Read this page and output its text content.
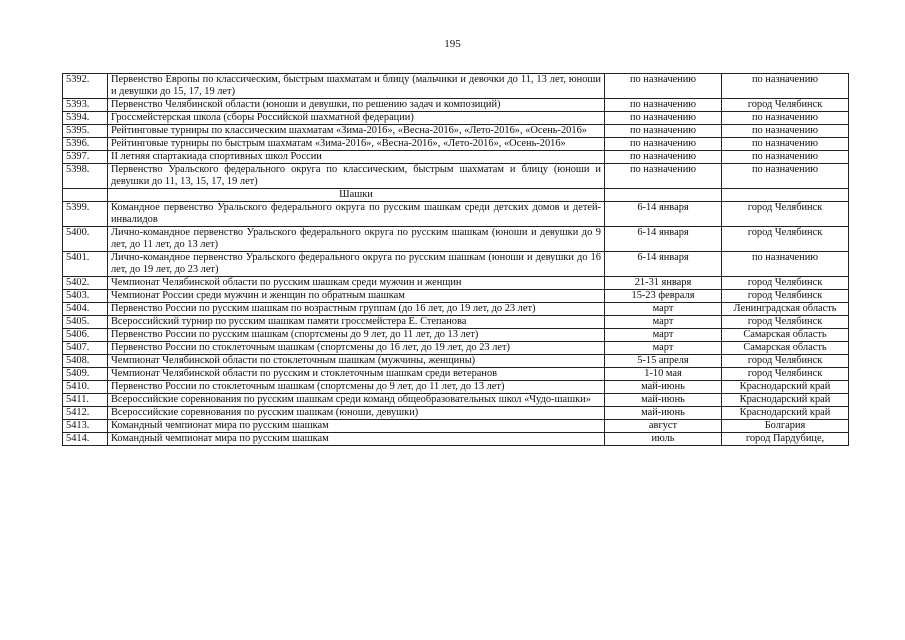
195
5392.	Первенство Европы по классическим, быстрым шахматам и блицу (мальчики и девочки до 11, 13 лет, юноши и девушки до 15, 17, 19 лет)	по назначению	по назначению
5393.	Первенство Челябинской области (юноши и девушки, по решению задач и композиций)	по назначению	город Челябинск
5394.	Гроссмейстерская школа (сборы Российской шахматной федерации)	по назначению	по назначению
5395.	Рейтинговые турниры по классическим шахматам «Зима-2016», «Весна-2016», «Лето-2016», «Осень-2016»	по назначению	по назначению
5396.	Рейтинговые турниры по быстрым шахматам «Зима-2016», «Весна-2016», «Лето-2016», «Осень-2016»	по назначению	по назначению
5397.	II летняя спартакиада спортивных школ России	по назначению	по назначению
5398.	Первенство Уральского федерального округа по классическим, быстрым шахматам и блицу (юноши и девушки до 11, 13, 15, 17, 19 лет)	по назначению	по назначению
	Шашки		
5399.	Командное первенство Уральского федерального округа по русским шашкам среди детских домов и детей-инвалидов	6-14 января	город Челябинск
5400.	Лично-командное первенство Уральского федерального округа по русским шашкам (юноши и девушки до 9 лет, до 11 лет, до 13 лет)	6-14 января	город Челябинск
5401.	Лично-командное первенство Уральского федерального округа по русским шашкам (юноши и девушки до 16 лет, до 19 лет, до 23 лет)	6-14 января	по назначению
5402.	Чемпионат Челябинской области по русским шашкам среди мужчин и женщин	21-31 января	город Челябинск
5403.	Чемпионат России среди мужчин и женщин по обратным шашкам	15-23 февраля	город Челябинск
5404.	Первенство России по русским шашкам по возрастным группам (до 16 лет, до 19 лет, до 23 лет)	март	Ленинградская область
5405.	Всероссийский турнир по русским шашкам памяти гроссмейстера Е. Степанова	март	город Челябинск
5406.	Первенство России по русским шашкам (спортсмены до 9 лет, до 11 лет, до 13 лет)	март	Самарская область
5407.	Первенство России по стоклеточным шашкам (спортсмены до 16 лет, до 19 лет, до 23 лет)	март	Самарская область
5408.	Чемпионат Челябинской области по стоклеточным шашкам (мужчины, женщины)	5-15 апреля	город Челябинск
5409.	Чемпионат Челябинской области по русским и стоклеточным шашкам среди ветеранов	1-10 мая	город Челябинск
5410.	Первенство России по стоклеточным шашкам (спортсмены до 9 лет, до 11 лет, до 13 лет)	май-июнь	Краснодарский край
5411.	Всероссийские соревнования по русским шашкам среди команд общеобразовательных школ «Чудо-шашки»	май-июнь	Краснодарский край
5412.	Всероссийские соревнования по русским шашкам (юноши, девушки)	май-июнь	Краснодарский край
5413.	Командный чемпионат мира по русским шашкам	август	Болгария
5414.	Командный чемпионат мира по русским шашкам	июль	город Пардубице,
